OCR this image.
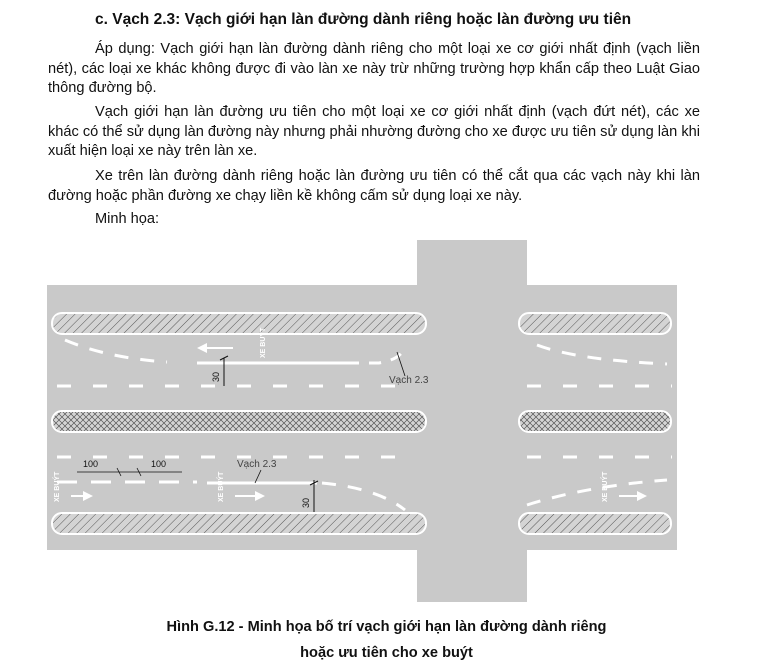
c. Vạch 2.3: Vạch giới hạn làn đường dành riêng hoặc làn đường ưu tiên

Áp dụng: Vạch giới hạn làn đường dành riêng cho một loại xe cơ giới nhất định (vạch liền nét), các loại xe khác không được đi vào làn xe này trừ những trường hợp khẩn cấp theo Luật Giao thông đường bộ.

Vạch giới hạn làn đường ưu tiên cho một loại xe cơ giới nhất định (vạch đứt nét), các xe khác có thể sử dụng làn đường này nhưng phải nhường đường cho xe được ưu tiên sử dụng làn khi xuất hiện loại xe này trên làn xe.

Xe trên làn đường dành riêng hoặc làn đường ưu tiên có thể cắt qua các vạch này khi làn đường hoặc phần đường xe chạy liền kề không cấm sử dụng loại xe này.

Minh họa:

XE BUÝT
30	Vạch 2.3
100	100	Vạch 2.3
XE BUÝT	XE BUÝT	XE BUÝT
30

Hình G.12 - Minh họa bố trí vạch giới hạn làn đường dành riêng

hoặc ưu tiên cho xe buýt
